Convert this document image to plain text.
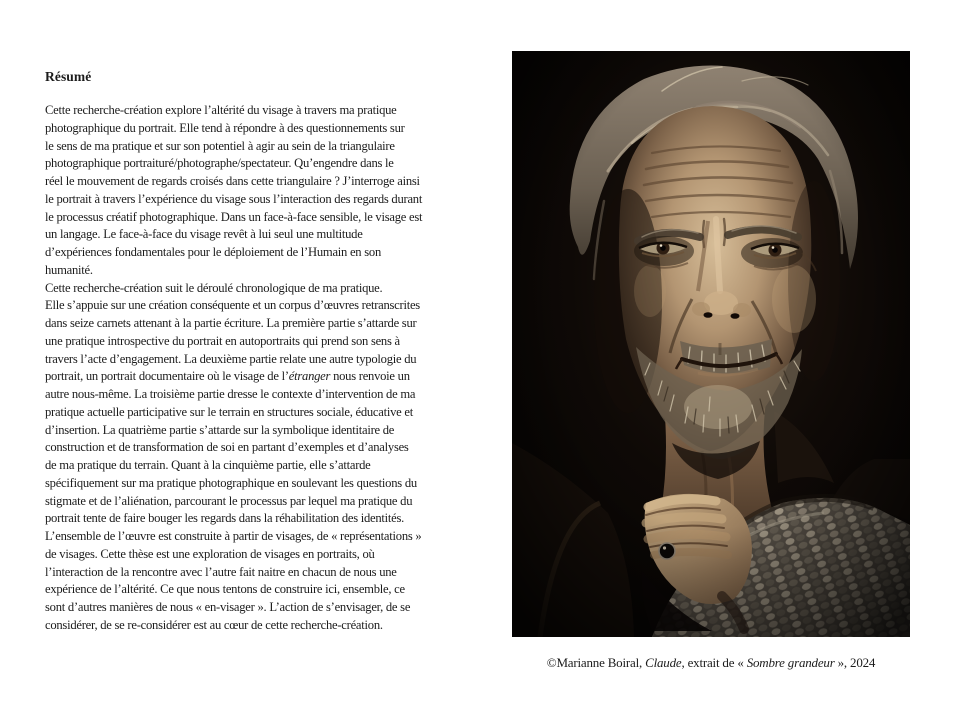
Résumé
Cette recherche-création explore l’altérité du visage à travers ma pratique
photographique du portrait. Elle tend à répondre à des questionnements sur
le sens de ma pratique et sur son potentiel à agir au sein de la triangulaire
photographique portraituré/photographe/spectateur. Qu’engendre dans le
réel le mouvement de regards croisés dans cette triangulaire ? J’interroge ainsi
le portrait à travers l’expérience du visage sous l’interaction des regards durant
le processus créatif photographique. Dans un face-à-face sensible, le visage est
un langage. Le face-à-face du visage revêt à lui seul une multitude
d’expériences fondamentales pour le déploiement de l’Humain en son
humanité.
Cette recherche-création suit le déroulé chronologique de ma pratique.
Elle s’appuie sur une création conséquente et un corpus d’œuvres retranscrites
dans seize carnets attenant à la partie écriture. La première partie s’attarde sur
une pratique introspective du portrait en autoportraits qui prend son sens à
travers l’acte d’engagement. La deuxième partie relate une autre typologie du
portrait, un portrait documentaire où le visage de l’étranger nous renvoie un
autre nous-même. La troisième partie dresse le contexte d’intervention de ma
pratique actuelle participative sur le terrain en structures sociale, éducative et
d’insertion. La quatrième partie s’attarde sur la symbolique identitaire de
construction et de transformation de soi en partant d’exemples et d’analyses
de ma pratique du terrain. Quant à la cinquième partie, elle s’attarde
spécifiquement sur ma pratique photographique en soulevant les questions du
stigmate et de l’aliénation, parcourant le processus par lequel ma pratique du
portrait tente de faire bouger les regards dans la réhabilitation des identités.
L’ensemble de l’œuvre est construite à partir de visages, de « représentations »
de visages. Cette thèse est une exploration de visages en portraits, où
l’interaction de la rencontre avec l’autre fait naitre en chacun de nous une
expérience de l’altérité. Ce que nous tentons de construire ici, ensemble, ce
sont d’autres manières de nous « en-visager ». L’action de s’envisager, de se
considérer, de se re-considérer est au cœur de cette recherche-création.
©Marianne Boiral, Claude, extrait de « Sombre grandeur », 2024
